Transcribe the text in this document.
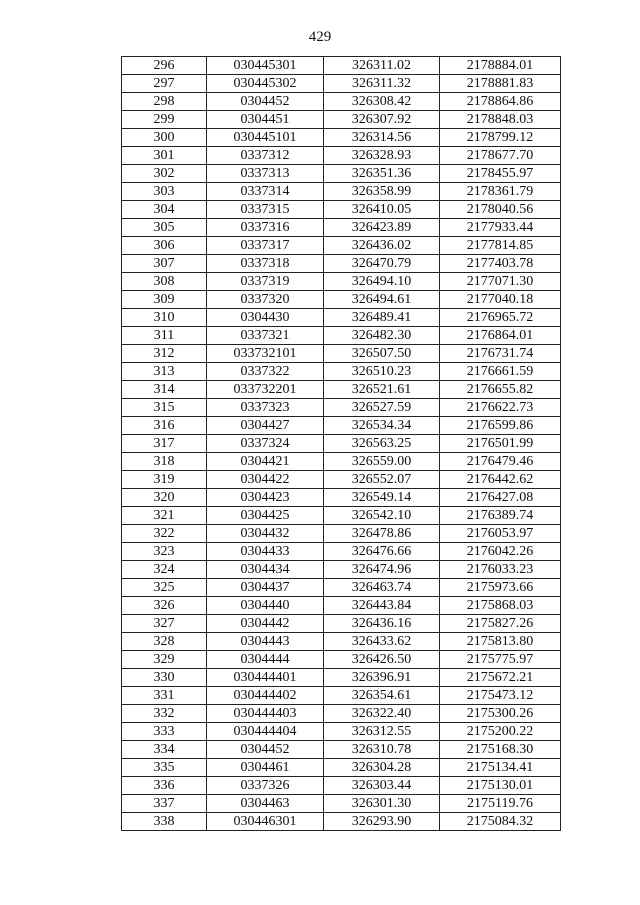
429
296	030445301	326311.02	2178884.01
297	030445302	326311.32	2178881.83
298	0304452	326308.42	2178864.86
299	0304451	326307.92	2178848.03
300	030445101	326314.56	2178799.12
301	0337312	326328.93	2178677.70
302	0337313	326351.36	2178455.97
303	0337314	326358.99	2178361.79
304	0337315	326410.05	2178040.56
305	0337316	326423.89	2177933.44
306	0337317	326436.02	2177814.85
307	0337318	326470.79	2177403.78
308	0337319	326494.10	2177071.30
309	0337320	326494.61	2177040.18
310	0304430	326489.41	2176965.72
311	0337321	326482.30	2176864.01
312	033732101	326507.50	2176731.74
313	0337322	326510.23	2176661.59
314	033732201	326521.61	2176655.82
315	0337323	326527.59	2176622.73
316	0304427	326534.34	2176599.86
317	0337324	326563.25	2176501.99
318	0304421	326559.00	2176479.46
319	0304422	326552.07	2176442.62
320	0304423	326549.14	2176427.08
321	0304425	326542.10	2176389.74
322	0304432	326478.86	2176053.97
323	0304433	326476.66	2176042.26
324	0304434	326474.96	2176033.23
325	0304437	326463.74	2175973.66
326	0304440	326443.84	2175868.03
327	0304442	326436.16	2175827.26
328	0304443	326433.62	2175813.80
329	0304444	326426.50	2175775.97
330	030444401	326396.91	2175672.21
331	030444402	326354.61	2175473.12
332	030444403	326322.40	2175300.26
333	030444404	326312.55	2175200.22
334	0304452	326310.78	2175168.30
335	0304461	326304.28	2175134.41
336	0337326	326303.44	2175130.01
337	0304463	326301.30	2175119.76
338	030446301	326293.90	2175084.32
